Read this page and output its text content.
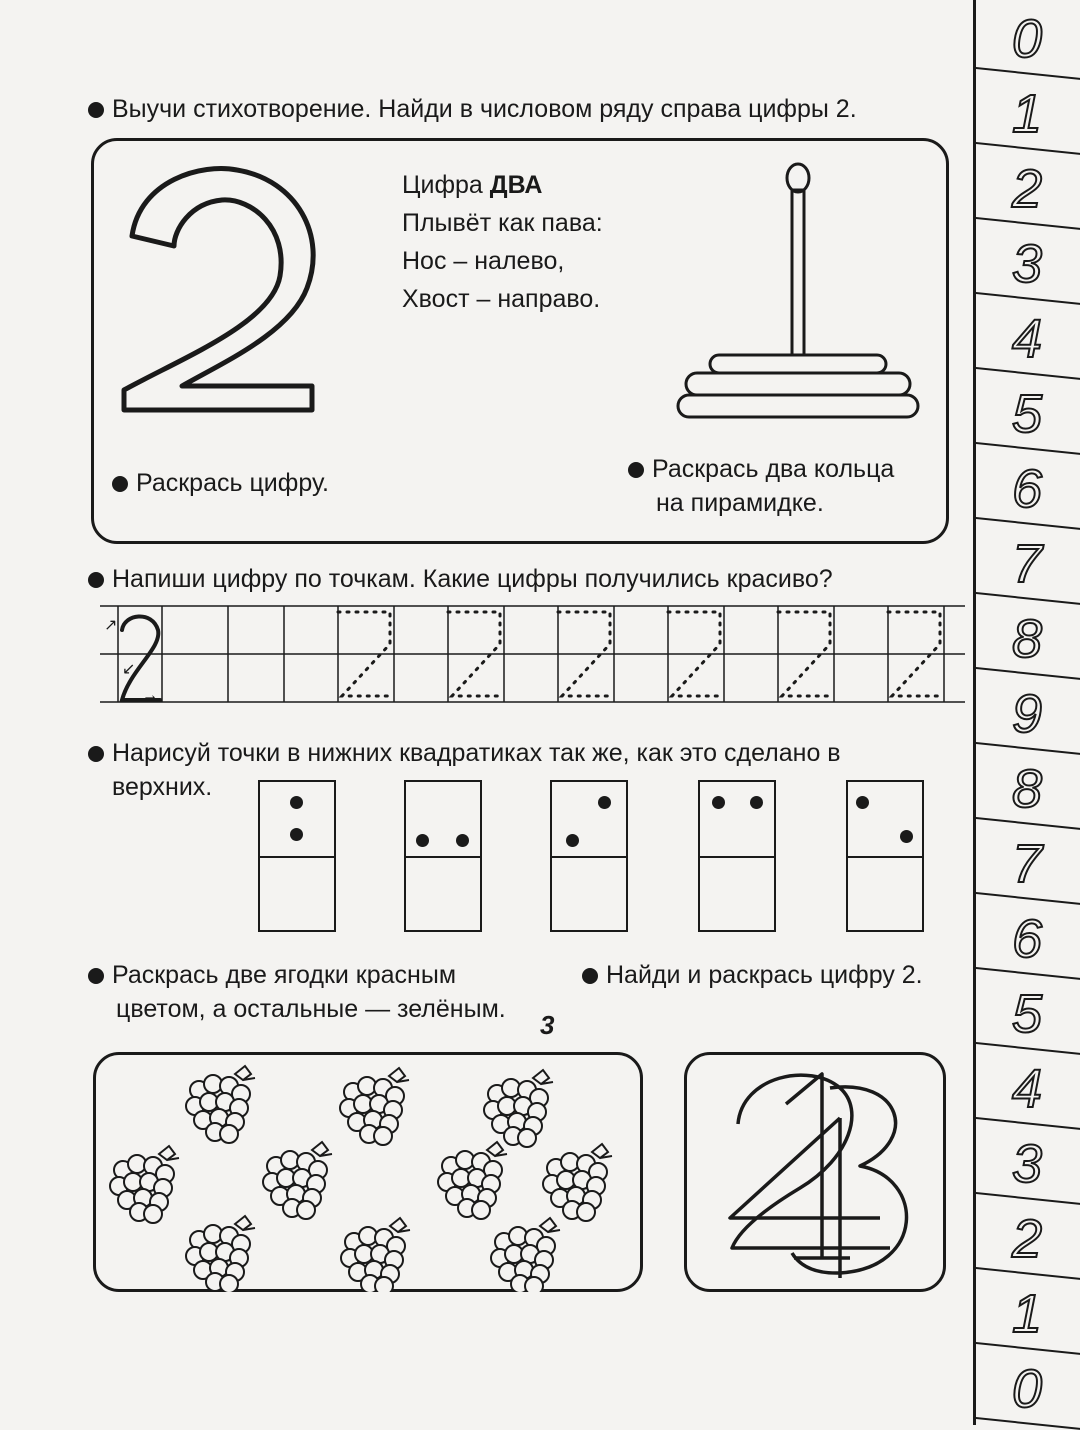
Выучи стихотворение. Найди в числовом ряду справа цифры 2.
Цифра ДВА
Плывёт как пава:
Нос – налево,
Хвост – направо.
Раскрась цифру.	Раскрась два кольца
на пирамидке.
Напиши цифру по точкам. Какие цифры получились красиво?
↗
↙
→
Нарисуй точки в нижних квадратиках так же, как это сделано в
верхних.
Раскрась две ягодки красным
цветом, а остальные — зелёным.
Найди и раскрась цифру 2.
3
0
1
2
3
4
5
6
7
8
9
8
7
6
5
4
3
2
1
0
